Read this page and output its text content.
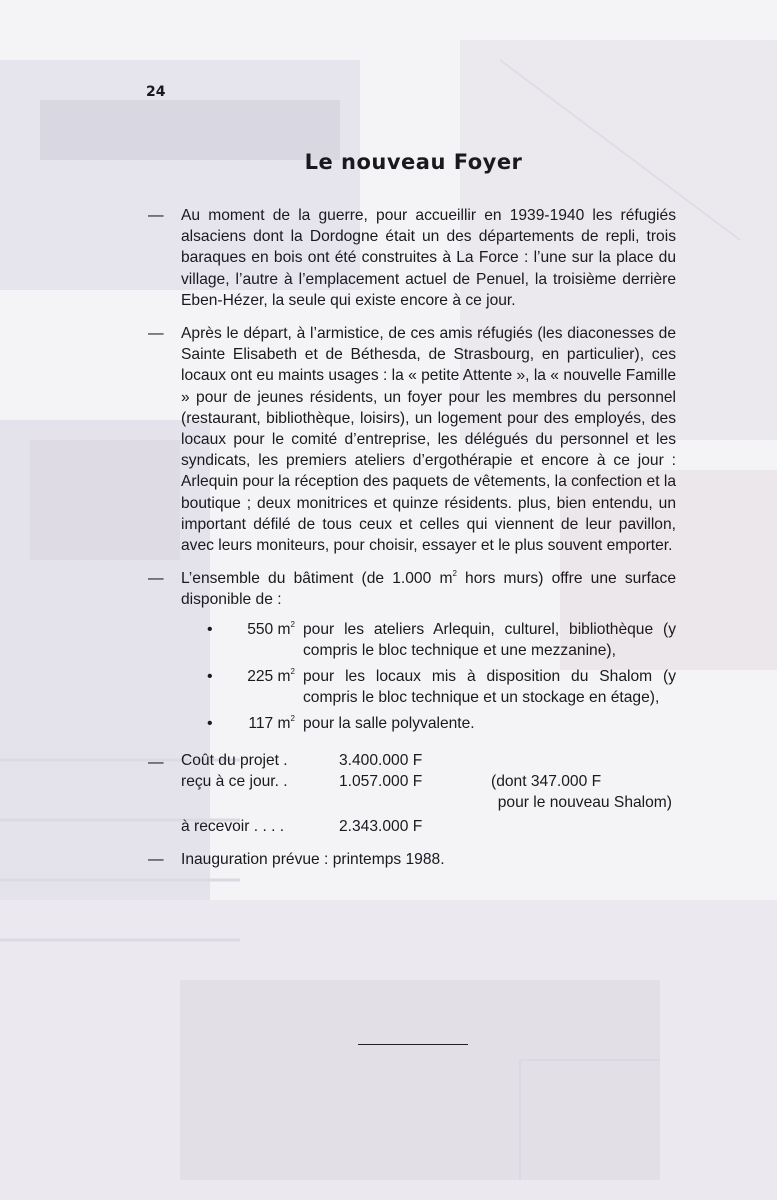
24
Le nouveau Foyer
—	Au moment de la guerre, pour accueillir en 1939-1940 les réfugiés alsaciens dont la Dordogne était un des départements de repli, trois baraques en bois ont été construites à La Force : l’une sur la place du village, l’autre à l’emplacement actuel de Penuel, la troisième derrière Eben-Hézer, la seule qui existe encore à ce jour.
—	Après le départ, à l’armistice, de ces amis réfugiés (les diaconesses de Sainte Elisabeth et de Béthesda, de Strasbourg, en particulier), ces locaux ont eu maints usages : la « petite Attente », la « nouvelle Famille » pour de jeunes résidents, un foyer pour les membres du personnel (restaurant, bibliothèque, loisirs), un logement pour des employés, des locaux pour le comité d’entreprise, les délégués du personnel et les syndicats, les premiers ateliers d’ergothérapie et encore à ce jour : Arlequin pour la réception des paquets de vêtements, la confection et la boutique ; deux monitrices et quinze résidents. plus, bien entendu, un important défilé de tous ceux et celles qui viennent de leur pavillon, avec leurs moniteurs, pour choisir, essayer et le plus souvent emporter.
—	L’ensemble du bâtiment (de 1.000 $m^2$ hors murs) offre une surface disponible de :
•	550 $m^2$ pour les ateliers Arlequin, culturel, bibliothèque (y compris le bloc technique et une mezzanine),
•	225 $m^2$ pour les locaux mis à disposition du Shalom (y compris le bloc technique et un stockage en étage),
•	117 $m^2$ pour la salle polyvalente.
—	Coût du projet .	3.400.000 F
reçu à ce jour. .	1.057.000 F	(dont 347.000 F
pour le nouveau Shalom)
à recevoir . . . .	2.343.000 F
—	Inauguration prévue : printemps 1988.
